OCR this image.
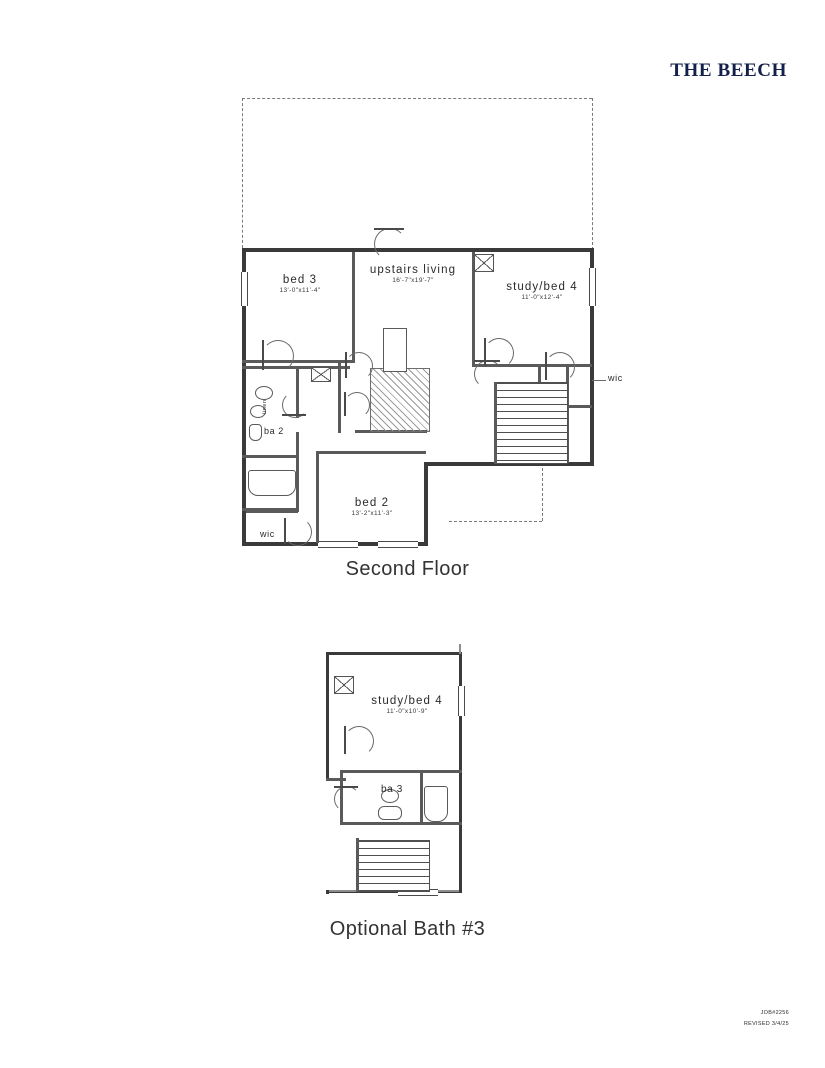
THE BEECH
bed 3
13'-0"x11'-4"
upstairs living
16'-7"x19'-7"
study/bed 4
11'-0"x12'-4"
bed 2
13'-2"x11'-3"
ba 2
wic
wic
linen
Second Floor
study/bed 4
11'-0"x10'-9"
ba 3
Optional Bath #3
JOB#2256
REVISED 3/4/25
